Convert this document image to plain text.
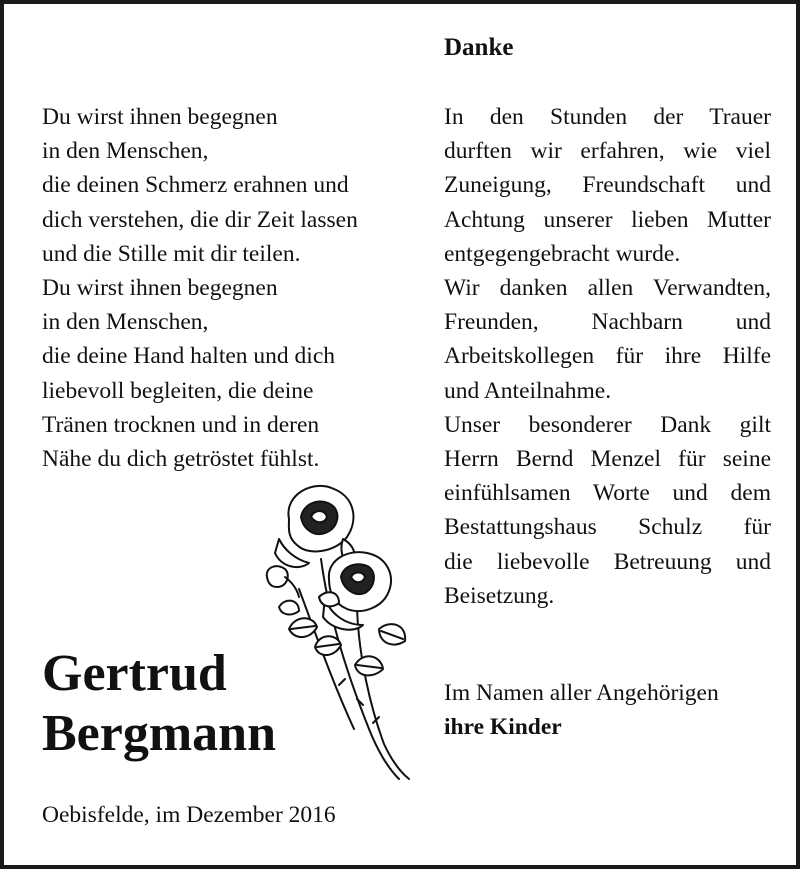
Du wirst ihnen begegnen
in den Menschen,
die deinen Schmerz erahnen und
dich verstehen, die dir Zeit lassen
und die Stille mit dir teilen.
Du wirst ihnen begegnen
in den Menschen,
die deine Hand halten und dich
liebevoll begleiten, die deine
Tränen trocknen und in deren
Nähe du dich getröstet fühlst.
Danke
In den Stunden der Trauer
durften wir erfahren, wie viel
Zuneigung, Freundschaft und
Achtung unserer lieben Mutter
entgegengebracht wurde.
Wir danken allen Verwandten,
Freunden, Nachbarn und
Arbeitskollegen für ihre Hilfe
und Anteilnahme.
Unser besonderer Dank gilt
Herrn Bernd Menzel für seine
einfühlsamen Worte und dem
Bestattungshaus Schulz für
die liebevolle Betreuung und
Beisetzung.
Gertrud
Bergmann
Oebisfelde, im Dezember 2016
Im Namen aller Angehörigen
ihre Kinder
